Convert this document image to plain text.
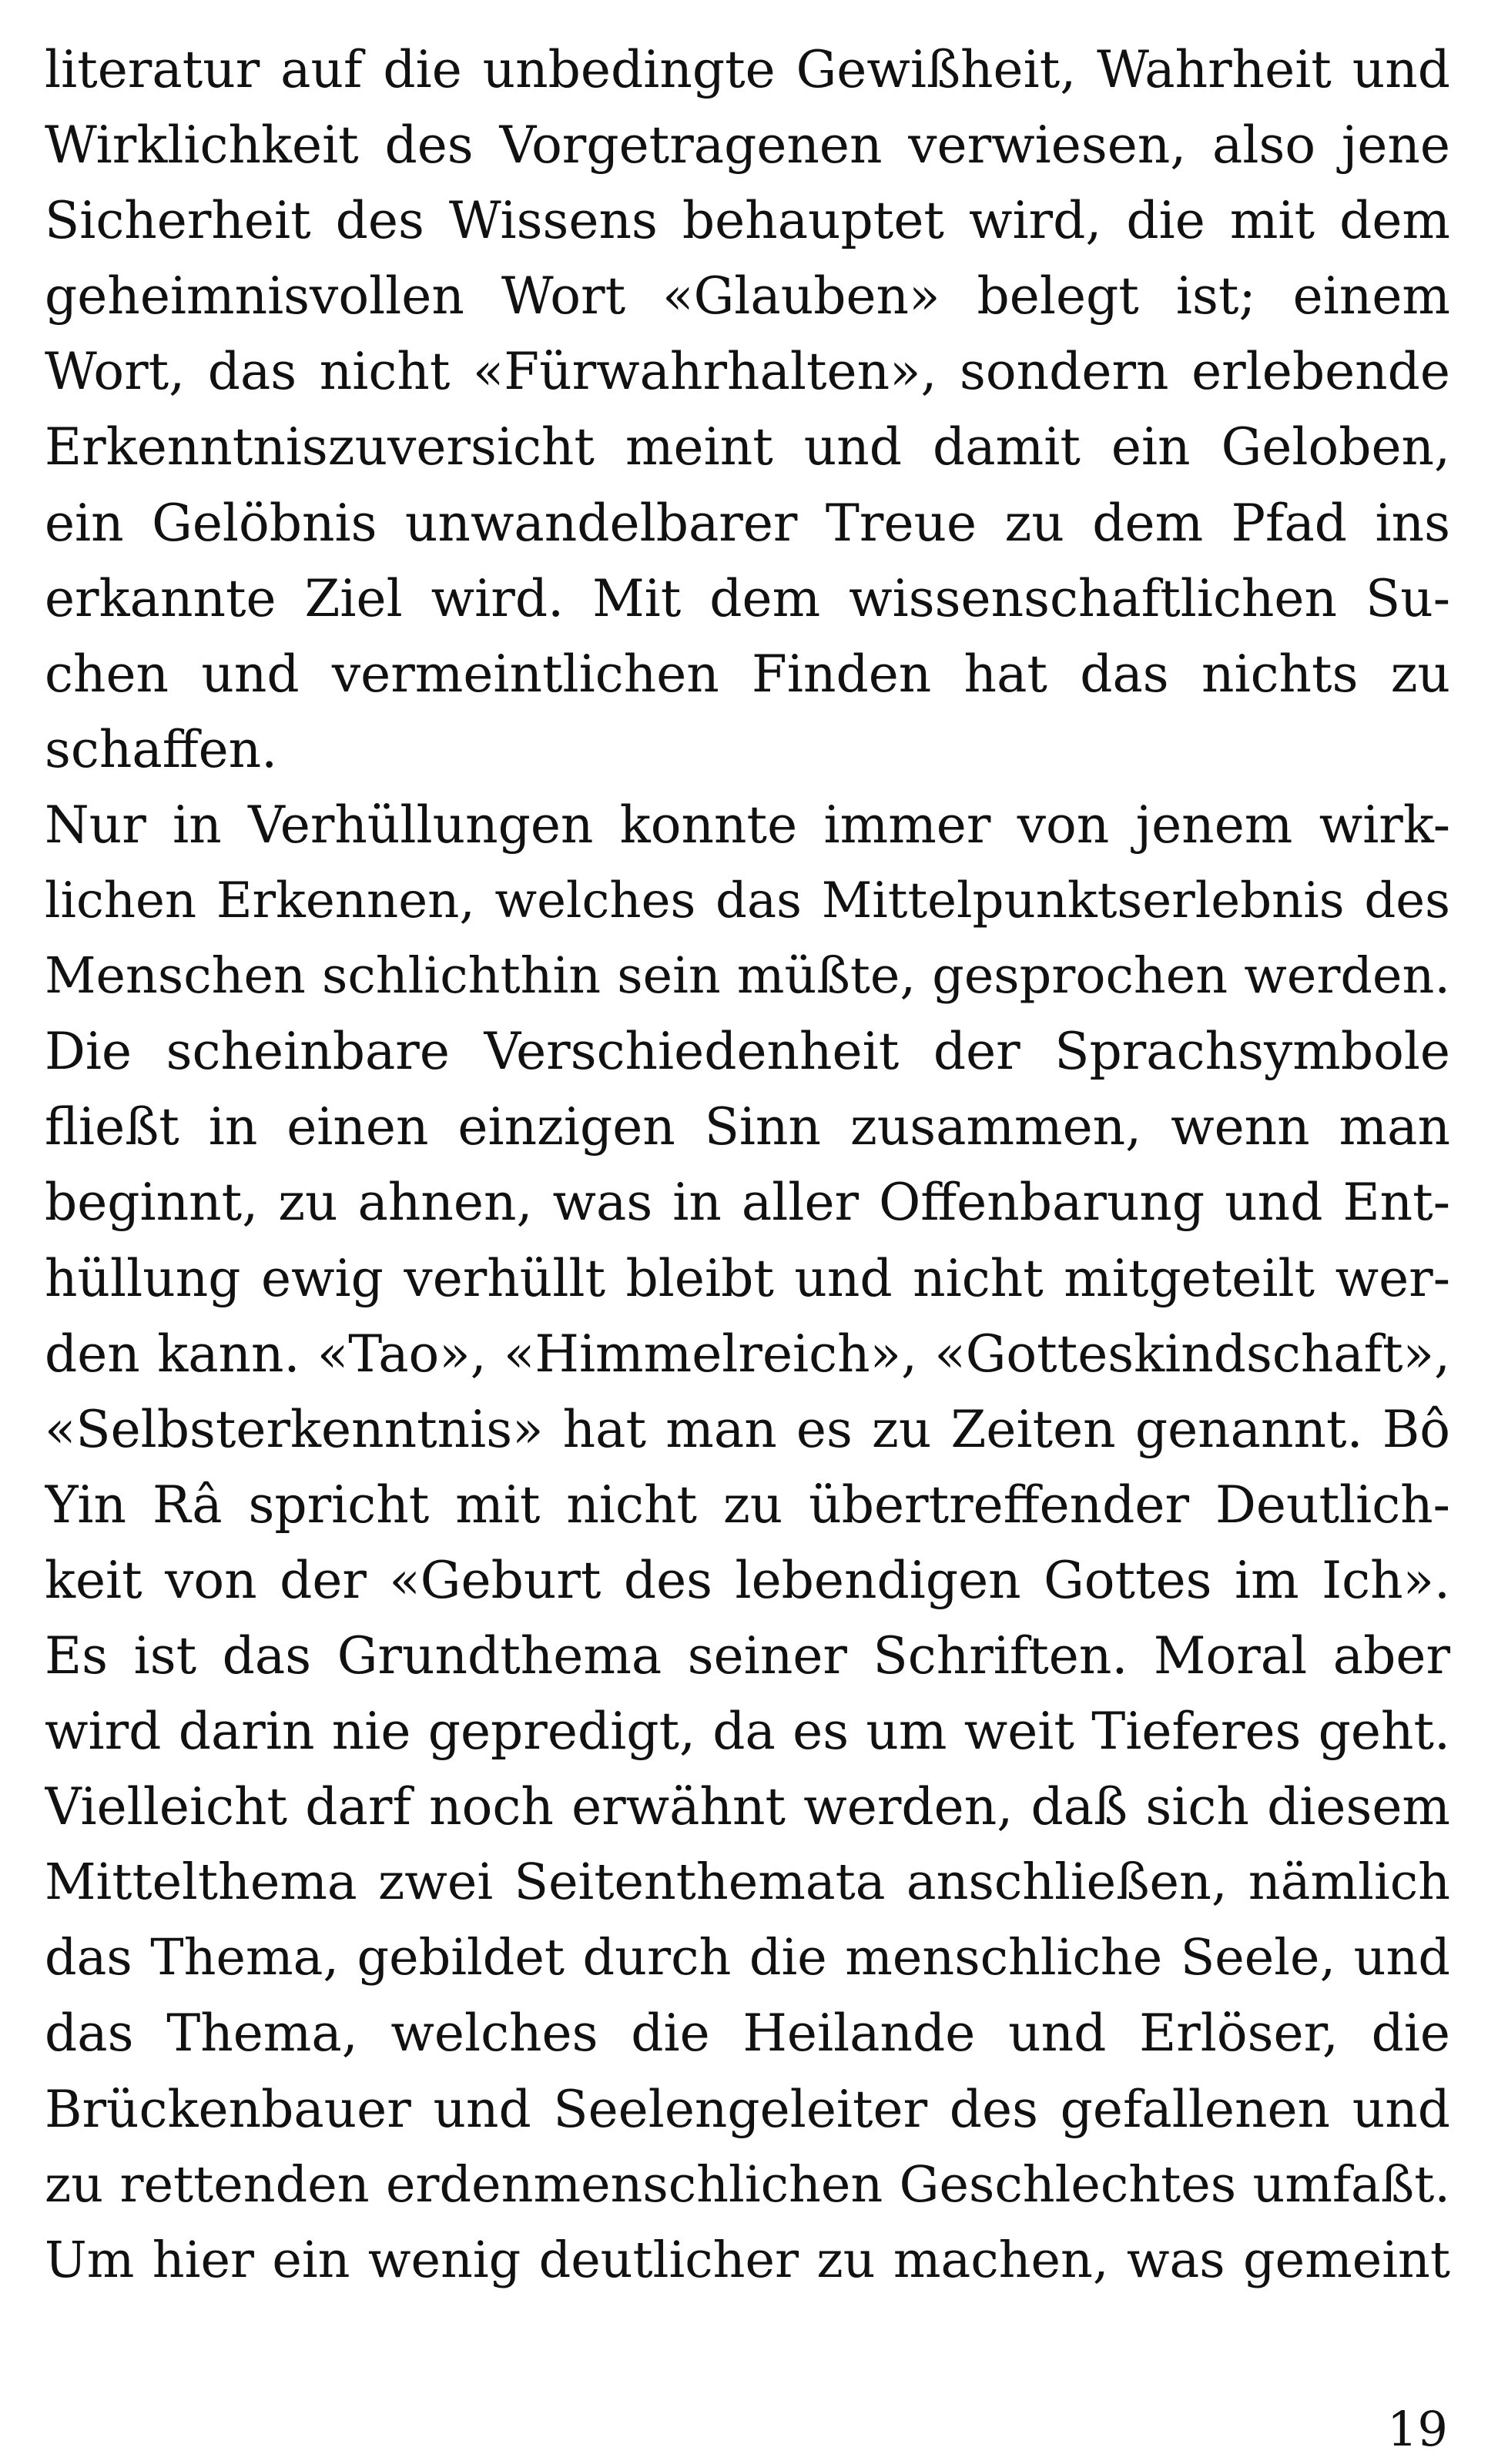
literatur auf die unbedingte Gewißheit, Wahrheit und
Wirklichkeit des Vorgetragenen verwiesen, also jene
Sicherheit des Wissens behauptet wird, die mit dem
geheimnisvollen Wort «Glauben» belegt ist; einem
Wort, das nicht «Fürwahrhalten», sondern erlebende
Erkenntniszuversicht meint und damit ein Geloben,
ein Gelöbnis unwandelbarer Treue zu dem Pfad ins
erkannte Ziel wird. Mit dem wissenschaftlichen Su-
chen und vermeintlichen Finden hat das nichts zu
schaffen.
Nur in Verhüllungen konnte immer von jenem wirk-
lichen Erkennen, welches das Mittelpunktserlebnis des
Menschen schlichthin sein müßte, gesprochen werden.
Die scheinbare Verschiedenheit der Sprachsymbole
fließt in einen einzigen Sinn zusammen, wenn man
beginnt, zu ahnen, was in aller Offenbarung und Ent-
hüllung ewig verhüllt bleibt und nicht mitgeteilt wer-
den kann. «Tao», «Himmelreich», «Gotteskindschaft»,
«Selbsterkenntnis» hat man es zu Zeiten genannt. Bô
Yin Râ spricht mit nicht zu übertreffender Deutlich-
keit von der «Geburt des lebendigen Gottes im Ich».
Es ist das Grundthema seiner Schriften. Moral aber
wird darin nie gepredigt, da es um weit Tieferes geht.
Vielleicht darf noch erwähnt werden, daß sich diesem
Mittelthema zwei Seitenthemata anschließen, nämlich
das Thema, gebildet durch die menschliche Seele, und
das Thema, welches die Heilande und Erlöser, die
Brückenbauer und Seelengeleiter des gefallenen und
zu rettenden erdenmenschlichen Geschlechtes umfaßt.
Um hier ein wenig deutlicher zu machen, was gemeint
19
